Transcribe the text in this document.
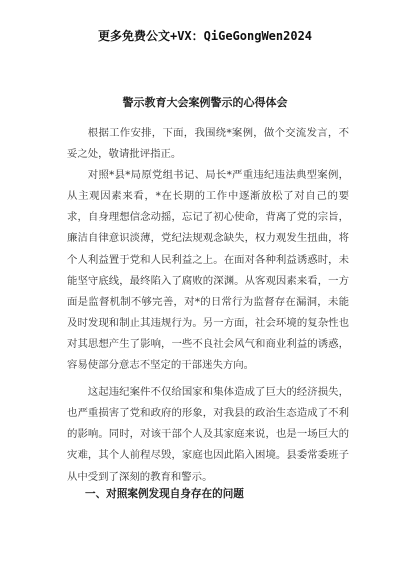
更多免费公文+VX：QiGeGongWen2024
警示教育大会案例警示的心得体会

根据工作安排，下面，我围绕*案例，做个交流发言，不妥之处，敬请批评指正。

对照*县*局原党组书记、局长*严重违纪违法典型案例，从主观因素来看，*在长期的工作中逐渐放松了对自己的要求，自身理想信念动摇，忘记了初心使命，背离了党的宗旨，廉洁自律意识淡薄，党纪法规观念缺失，权力观发生扭曲，将个人利益置于党和人民利益之上。在面对各种利益诱惑时，未能坚守底线，最终陷入了腐败的深渊。从客观因素来看，一方面是监督机制不够完善，对*的日常行为监督存在漏洞，未能及时发现和制止其违规行为。另一方面，社会环境的复杂性也对其思想产生了影响，一些不良社会风气和商业利益的诱惑，容易使部分意志不坚定的干部迷失方向。

这起违纪案件不仅给国家和集体造成了巨大的经济损失，也严重损害了党和政府的形象，对我县的政治生态造成了不利的影响。同时，对该干部个人及其家庭来说，也是一场巨大的灾难，其个人前程尽毁，家庭也因此陷入困境。县委常委班子从中受到了深刻的教育和警示。

一、对照案例发现自身存在的问题
